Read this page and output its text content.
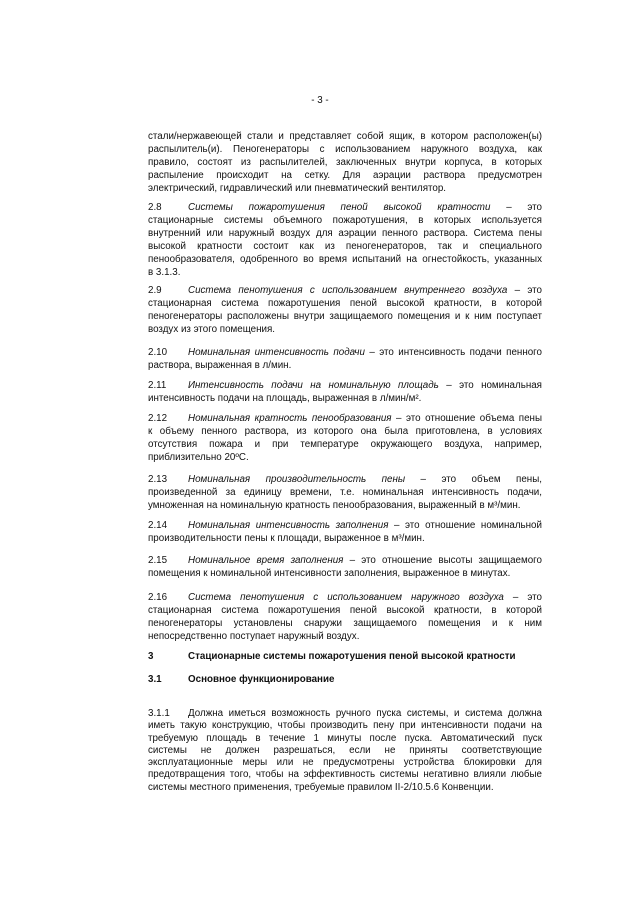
- 3 -
стали/нержавеющей стали и представляет собой ящик, в котором расположен(ы)
распылитель(и). Пеногенераторы с использованием наружного воздуха, как
правило, состоят из распылителей, заключенных внутри корпуса, в которых
распыление происходит на сетку. Для аэрации раствора предусмотрен
электрический, гидравлический или пневматический вентилятор.
2.8	Системы пожаротушения пеной высокой кратности – это
стационарные системы объемного пожаротушения, в которых используется
внутренний или наружный воздух для аэрации пенного раствора. Система пены
высокой кратности состоит как из пеногенераторов, так и специального
пенообразователя, одобренного во время испытаний на огнестойкость, указанных
в 3.1.3.
2.9	Система пенотушения с использованием внутреннего воздуха – это
стационарная система пожаротушения пеной высокой кратности, в которой
пеногенераторы расположены внутри защищаемого помещения и к ним поступает
воздух из этого помещения.
2.10	Номинальная интенсивность подачи – это интенсивность подачи пенного
раствора, выраженная в л/мин.
2.11	Интенсивность подачи на номинальную площадь – это номинальная
интенсивность подачи на площадь, выраженная в л/мин/м².
2.12	Номинальная кратность пенообразования – это отношение объема пены
к объему пенного раствора, из которого она была приготовлена, в условиях
отсутствия пожара и при температуре окружающего воздуха, например,
приблизительно 20ºC.
2.13	Номинальная производительность пены – это объем пены,
произведенной за единицу времени, т.е. номинальная интенсивность подачи,
умноженная на номинальную кратность пенообразования, выраженный в м³/мин.
2.14	Номинальная интенсивность заполнения – это отношение номинальной
производительности пены к площади, выраженное в м³/мин.
2.15	Номинальное время заполнения – это отношение высоты защищаемого
помещения к номинальной интенсивности заполнения, выраженное в минутах.
2.16	Система пенотушения с использованием наружного воздуха – это
стационарная система пожаротушения пеной высокой кратности, в которой
пеногенераторы установлены снаружи защищаемого помещения и к ним
непосредственно поступает наружный воздух.
3	Стационарные системы пожаротушения пеной высокой кратности
3.1	Основное функционирование
3.1.1	Должна иметься возможность ручного пуска системы, и система должна
иметь такую конструкцию, чтобы производить пену при интенсивности подачи на
требуемую площадь в течение 1 минуты после пуска. Автоматический пуск
системы не должен разрешаться, если не приняты соответствующие
эксплуатационные меры или не предусмотрены устройства блокировки для
предотвращения того, чтобы на эффективность системы негативно влияли любые
системы местного применения, требуемые правилом II-2/10.5.6 Конвенции.
